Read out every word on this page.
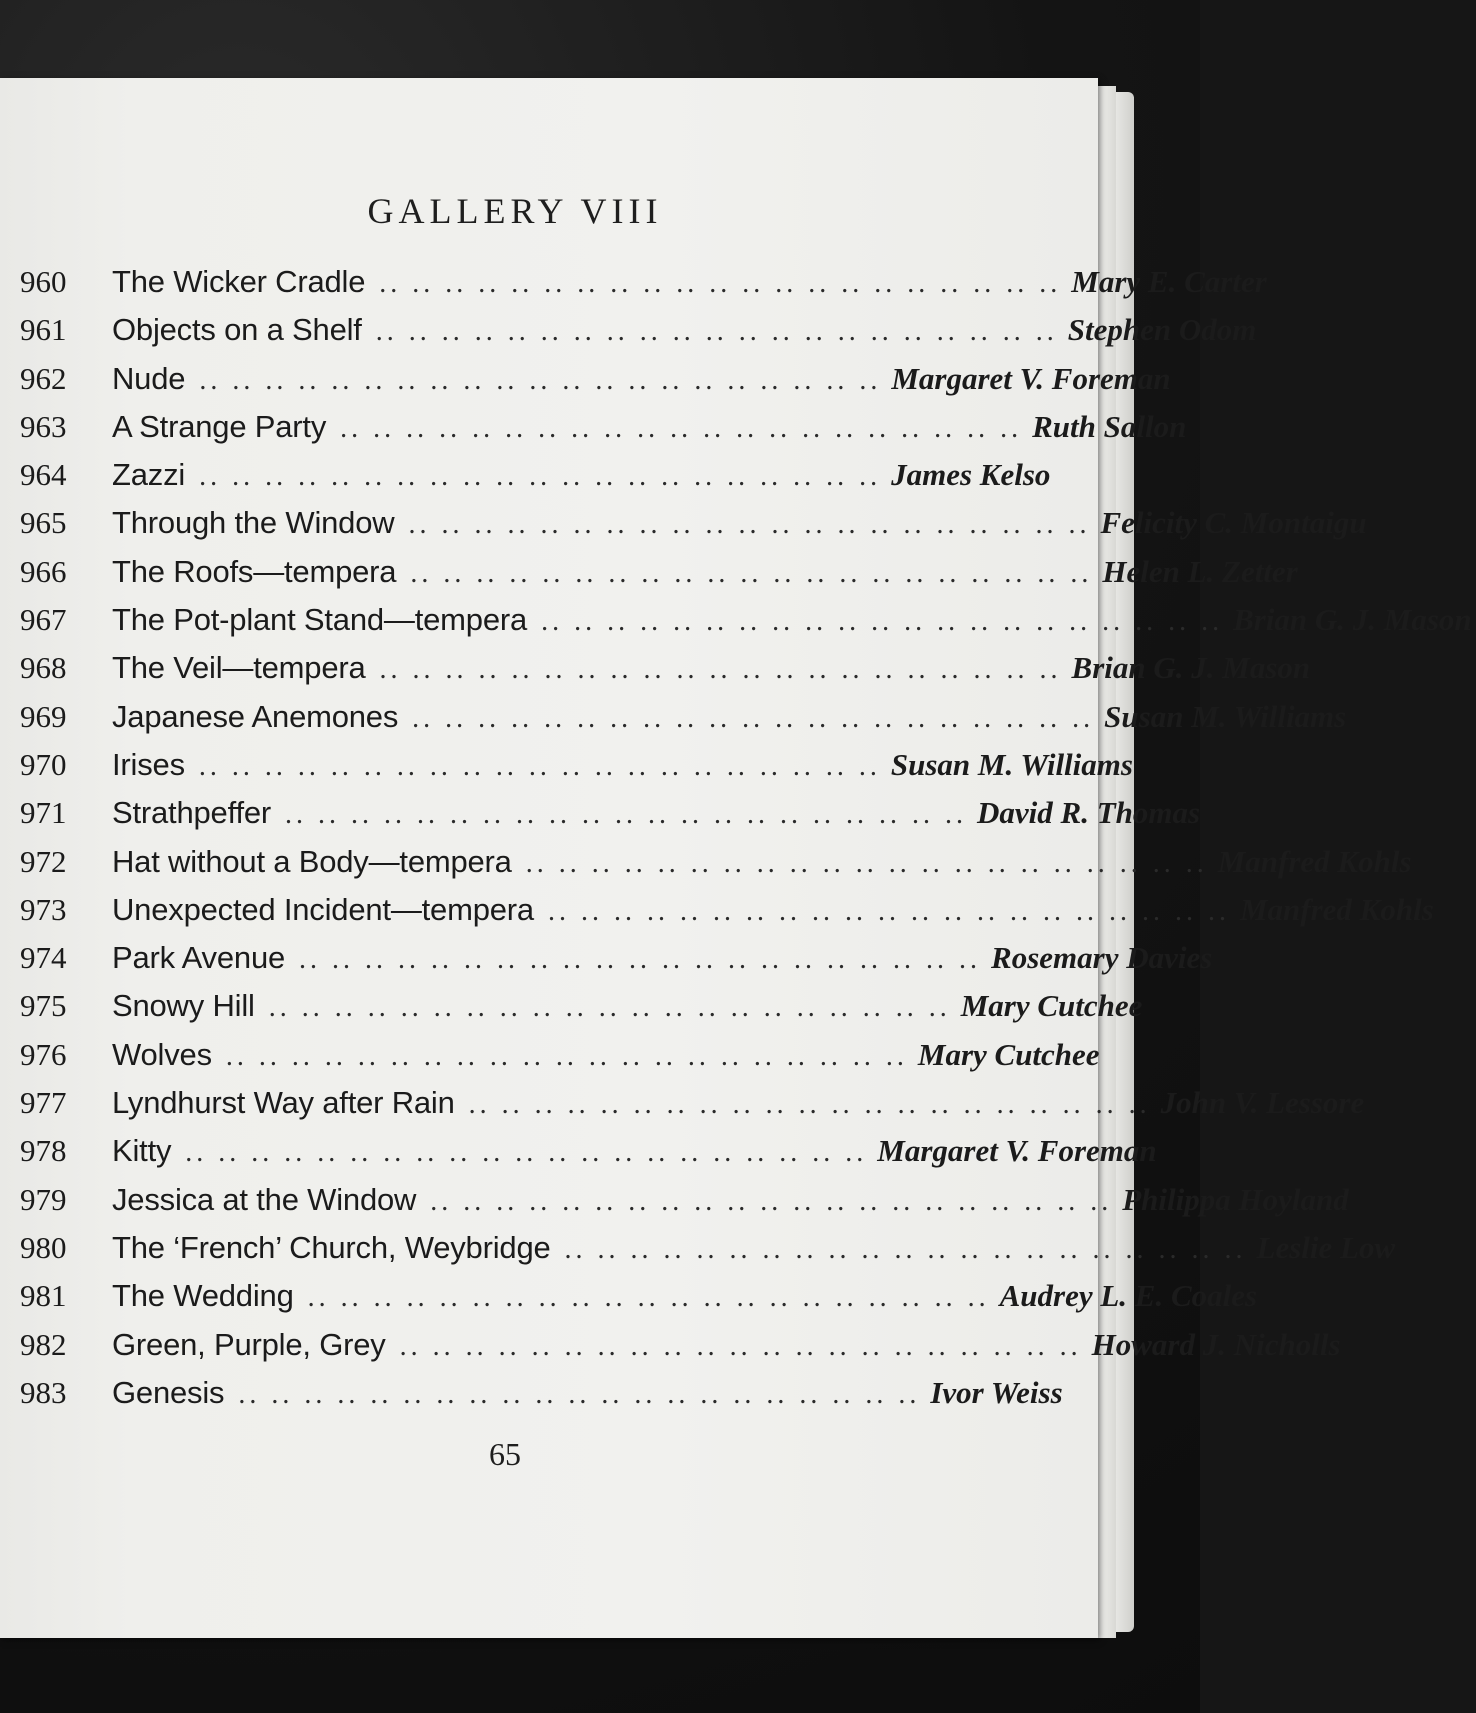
GALLERY VIII
960	The Wicker Cradle .. .. .. .. .. .. .. .. .. .. .. .. .. .. .. .. .. .. .. .. .. Mary E. Carter
961	Objects on a Shelf .. .. .. .. .. .. .. .. .. .. .. .. .. .. .. .. .. .. .. .. .. Stephen Odom
962	Nude .. .. .. .. .. .. .. .. .. .. .. .. .. .. .. .. .. .. .. .. .. Margaret V. Foreman
963	A Strange Party .. .. .. .. .. .. .. .. .. .. .. .. .. .. .. .. .. .. .. .. .. Ruth Sallon
964	Zazzi .. .. .. .. .. .. .. .. .. .. .. .. .. .. .. .. .. .. .. .. .. James Kelso
965	Through the Window .. .. .. .. .. .. .. .. .. .. .. .. .. .. .. .. .. .. .. .. .. Felicity C. Montaigu
966	The Roofs—tempera .. .. .. .. .. .. .. .. .. .. .. .. .. .. .. .. .. .. .. .. .. Helen L. Zetter
967	The Pot-plant Stand—tempera .. .. .. .. .. .. .. .. .. .. .. .. .. .. .. .. .. .. .. .. .. Brian G. J. Mason
968	The Veil—tempera .. .. .. .. .. .. .. .. .. .. .. .. .. .. .. .. .. .. .. .. .. Brian G. J. Mason
969	Japanese Anemones .. .. .. .. .. .. .. .. .. .. .. .. .. .. .. .. .. .. .. .. .. Susan M. Williams
970	Irises .. .. .. .. .. .. .. .. .. .. .. .. .. .. .. .. .. .. .. .. .. Susan M. Williams
971	Strathpeffer .. .. .. .. .. .. .. .. .. .. .. .. .. .. .. .. .. .. .. .. .. David R. Thomas
972	Hat without a Body—tempera .. .. .. .. .. .. .. .. .. .. .. .. .. .. .. .. .. .. .. .. .. Manfred Kohls
973	Unexpected Incident—tempera .. .. .. .. .. .. .. .. .. .. .. .. .. .. .. .. .. .. .. .. .. Manfred Kohls
974	Park Avenue .. .. .. .. .. .. .. .. .. .. .. .. .. .. .. .. .. .. .. .. .. Rosemary Davies
975	Snowy Hill .. .. .. .. .. .. .. .. .. .. .. .. .. .. .. .. .. .. .. .. .. Mary Cutchee
976	Wolves .. .. .. .. .. .. .. .. .. .. .. .. .. .. .. .. .. .. .. .. .. Mary Cutchee
977	Lyndhurst Way after Rain .. .. .. .. .. .. .. .. .. .. .. .. .. .. .. .. .. .. .. .. .. John V. Lessore
978	Kitty .. .. .. .. .. .. .. .. .. .. .. .. .. .. .. .. .. .. .. .. .. Margaret V. Foreman
979	Jessica at the Window .. .. .. .. .. .. .. .. .. .. .. .. .. .. .. .. .. .. .. .. .. Philippa Hoyland
980	The ‘French’ Church, Weybridge .. .. .. .. .. .. .. .. .. .. .. .. .. .. .. .. .. .. .. .. .. Leslie Low
981	The Wedding .. .. .. .. .. .. .. .. .. .. .. .. .. .. .. .. .. .. .. .. .. Audrey L. E. Coales
982	Green, Purple, Grey .. .. .. .. .. .. .. .. .. .. .. .. .. .. .. .. .. .. .. .. .. Howard J. Nicholls
983	Genesis .. .. .. .. .. .. .. .. .. .. .. .. .. .. .. .. .. .. .. .. .. Ivor Weiss
65
